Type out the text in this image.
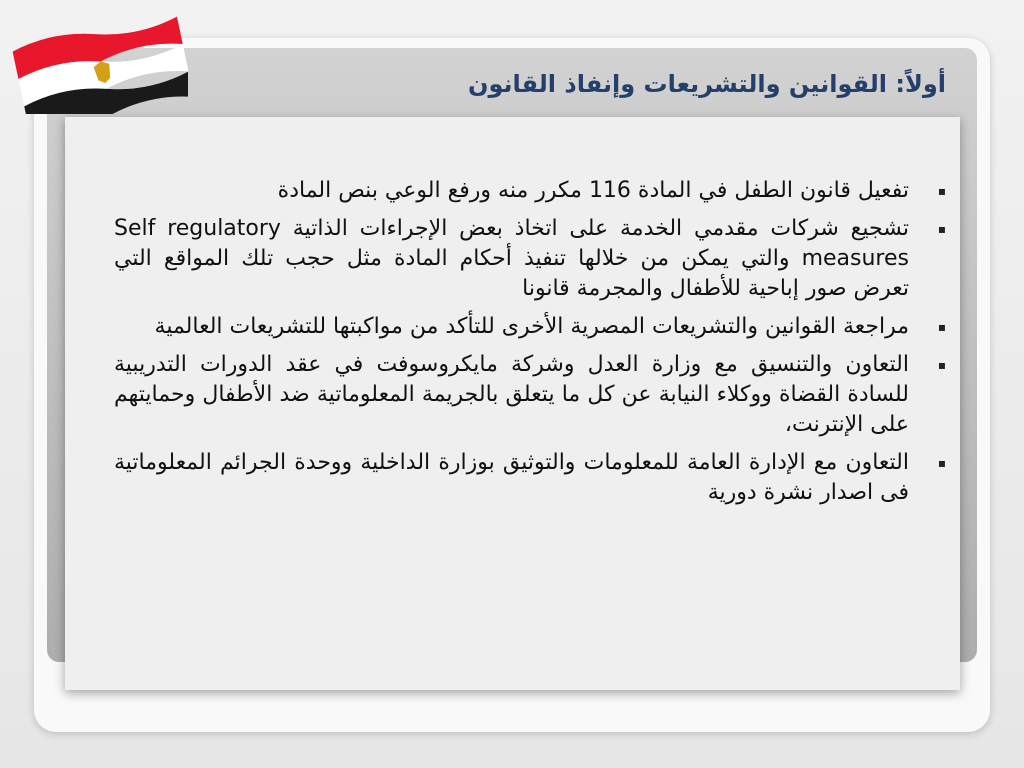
أولاً: القوانين والتشريعات وإنفاذ القانون
▪
تفعيل قانون الطفل في المادة 116 مكرر منه ورفع الوعي بنص المادة
▪
تشجيع شركات مقدمي الخدمة على اتخاذ بعض الإجراءات الذاتية Self regulatory measures والتي يمكن من خلالها تنفيذ أحكام المادة مثل حجب تلك المواقع التي تعرض صور إباحية للأطفال والمجرمة قانونا
▪
مراجعة القوانين والتشريعات المصرية الأخرى للتأكد من مواكبتها للتشريعات العالمية
▪
التعاون والتنسيق مع وزارة العدل وشركة مايكروسوفت في عقد الدورات التدريبية للسادة القضاة ووكلاء النيابة عن كل ما يتعلق بالجريمة المعلوماتية ضد الأطفال وحمايتهم على الإنترنت،
▪
التعاون مع الإدارة العامة للمعلومات والتوثيق بوزارة الداخلية ووحدة الجرائم المعلوماتية فى اصدار نشرة دورية
